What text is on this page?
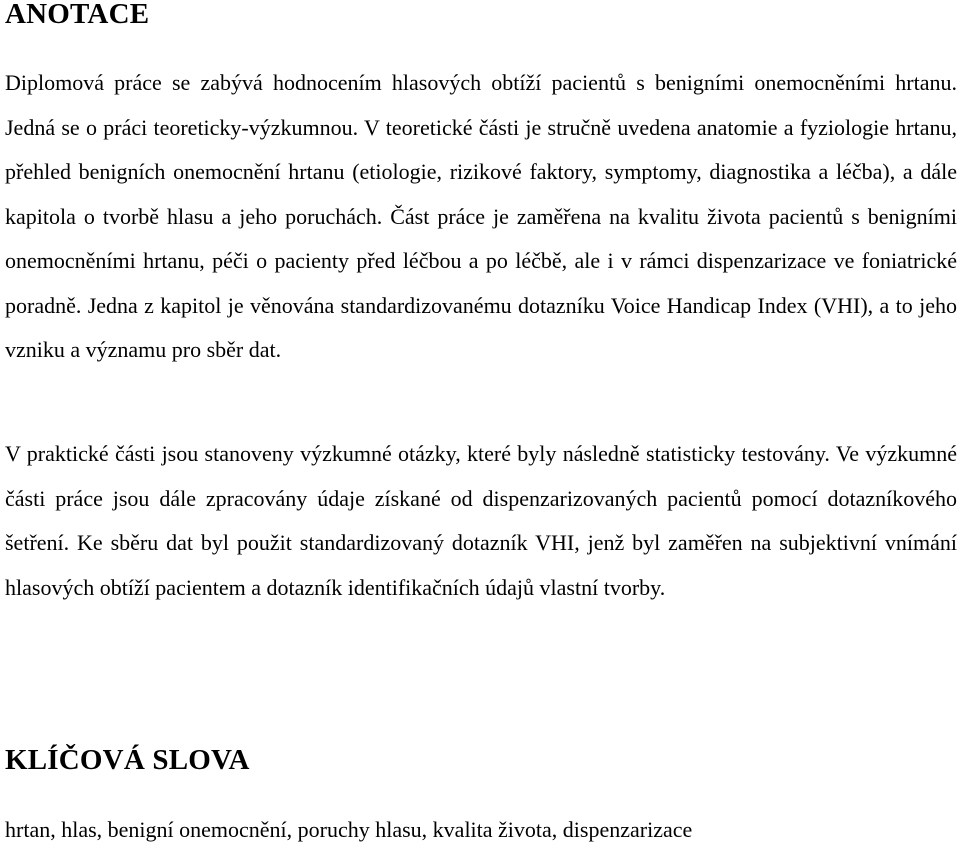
ANOTACE

Diplomová práce se zabývá hodnocením hlasových obtíží pacientů s benigními onemocněními hrtanu. Jedná se o práci teoreticky-výzkumnou. V teoretické části je stručně uvedena anatomie a fyziologie hrtanu, přehled benigních onemocnění hrtanu (etiologie, rizikové faktory, symptomy, diagnostika a léčba), a dále kapitola o tvorbě hlasu a jeho poruchách. Část práce je zaměřena na kvalitu života pacientů s benigními onemocněními hrtanu, péči o pacienty před léčbou a po léčbě, ale i v rámci dispenzarizace ve foniatrické poradně. Jedna z kapitol je věnována standardizovanému dotazníku Voice Handicap Index (VHI), a to jeho vzniku a významu pro sběr dat.

V praktické části jsou stanoveny výzkumné otázky, které byly následně statisticky testovány. Ve výzkumné části práce jsou dále zpracovány údaje získané od dispenzarizovaných pacientů pomocí dotazníkového šetření. Ke sběru dat byl použit standardizovaný dotazník VHI, jenž byl zaměřen na subjektivní vnímání hlasových obtíží pacientem a dotazník identifikačních údajů vlastní tvorby.

KLÍČOVÁ SLOVA

hrtan, hlas, benigní onemocnění, poruchy hlasu, kvalita života, dispenzarizace
